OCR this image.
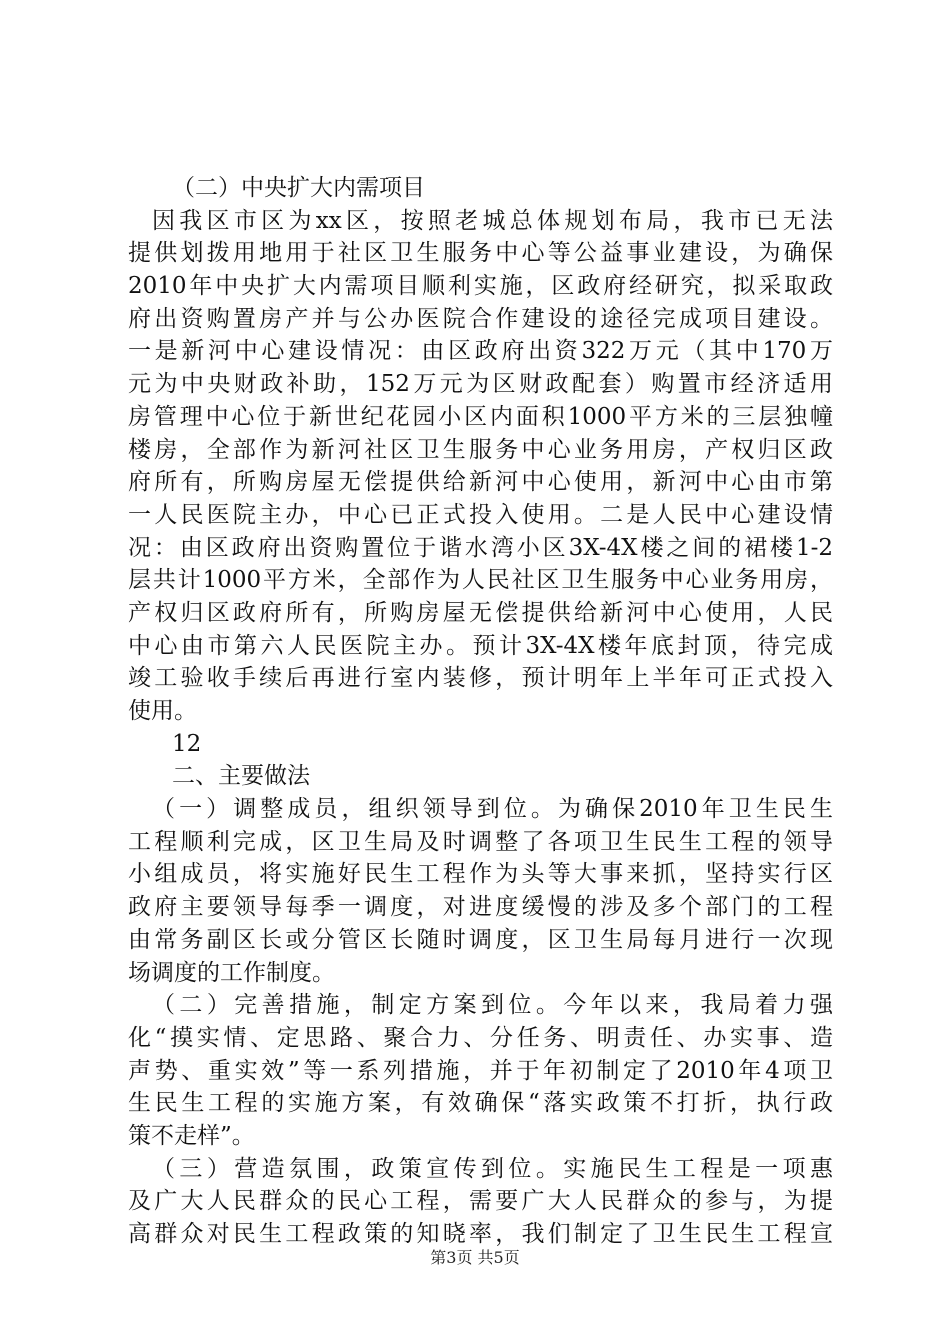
（二）中央扩大内需项目
因我区市区为xx区，按照老城总体规划布局，我市已无法
提供划拨用地用于社区卫生服务中心等公益事业建设，为确保
2010年中央扩大内需项目顺利实施，区政府经研究，拟采取政
府出资购置房产并与公办医院合作建设的途径完成项目建设。
一是新河中心建设情况：由区政府出资322万元（其中170万
元为中央财政补助，152万元为区财政配套）购置市经济适用
房管理中心位于新世纪花园小区内面积1000平方米的三层独幢
楼房，全部作为新河社区卫生服务中心业务用房，产权归区政
府所有，所购房屋无偿提供给新河中心使用，新河中心由市第
一人民医院主办，中心已正式投入使用。二是人民中心建设情
况：由区政府出资购置位于谐水湾小区3X-4X楼之间的裙楼1-2
层共计1000平方米，全部作为人民社区卫生服务中心业务用房，
产权归区政府所有，所购房屋无偿提供给新河中心使用，人民
中心由市第六人民医院主办。预计3X-4X楼年底封顶，待完成
竣工验收手续后再进行室内装修，预计明年上半年可正式投入
使用。
12
二、主要做法
（一）调整成员，组织领导到位。为确保2010年卫生民生
工程顺利完成，区卫生局及时调整了各项卫生民生工程的领导
小组成员，将实施好民生工程作为头等大事来抓，坚持实行区
政府主要领导每季一调度，对进度缓慢的涉及多个部门的工程
由常务副区长或分管区长随时调度，区卫生局每月进行一次现
场调度的工作制度。
（二）完善措施，制定方案到位。今年以来，我局着力强
化“摸实情、定思路、聚合力、分任务、明责任、办实事、造
声势、重实效”等一系列措施，并于年初制定了2010年4项卫
生民生工程的实施方案，有效确保“落实政策不打折，执行政
策不走样”。
（三）营造氛围，政策宣传到位。实施民生工程是一项惠
及广大人民群众的民心工程，需要广大人民群众的参与，为提
高群众对民生工程政策的知晓率，我们制定了卫生民生工程宣
第3页 共5页
